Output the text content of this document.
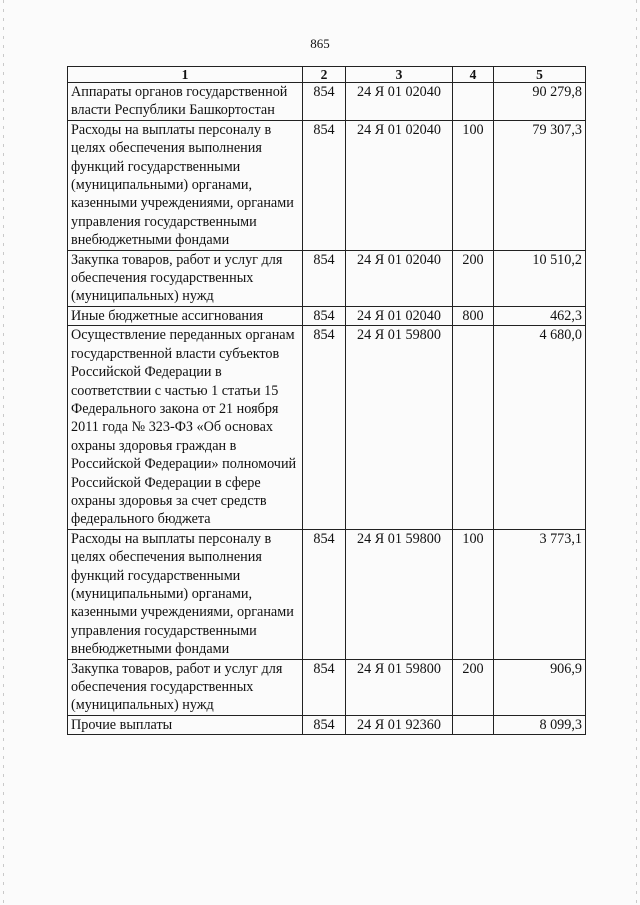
865
1	2	3	4	5
Аппараты органов государственной власти Республики Башкортостан	854	24 Я 01 02040		90 279,8
Расходы на выплаты персоналу в целях обеспечения выполнения функций государственными (муниципальными) органами, казенными учреждениями, органами управления государственными внебюджетными фондами	854	24 Я 01 02040	100	79 307,3
Закупка товаров, работ и услуг для обеспечения государственных (муниципальных) нужд	854	24 Я 01 02040	200	10 510,2
Иные бюджетные ассигнования	854	24 Я 01 02040	800	462,3
Осуществление переданных органам государственной власти субъектов Российской Федерации в соответствии с частью 1 статьи 15 Федерального закона от 21 ноября 2011 года № 323-ФЗ «Об основах охраны здоровья граждан в Российской Федерации» полномочий Российской Федерации в сфере охраны здоровья за счет средств федерального бюджета	854	24 Я 01 59800		4 680,0
Расходы на выплаты персоналу в целях обеспечения выполнения функций государственными (муниципальными) органами, казенными учреждениями, органами управления государственными внебюджетными фондами	854	24 Я 01 59800	100	3 773,1
Закупка товаров, работ и услуг для обеспечения государственных (муниципальных) нужд	854	24 Я 01 59800	200	906,9
Прочие выплаты	854	24 Я 01 92360		8 099,3
